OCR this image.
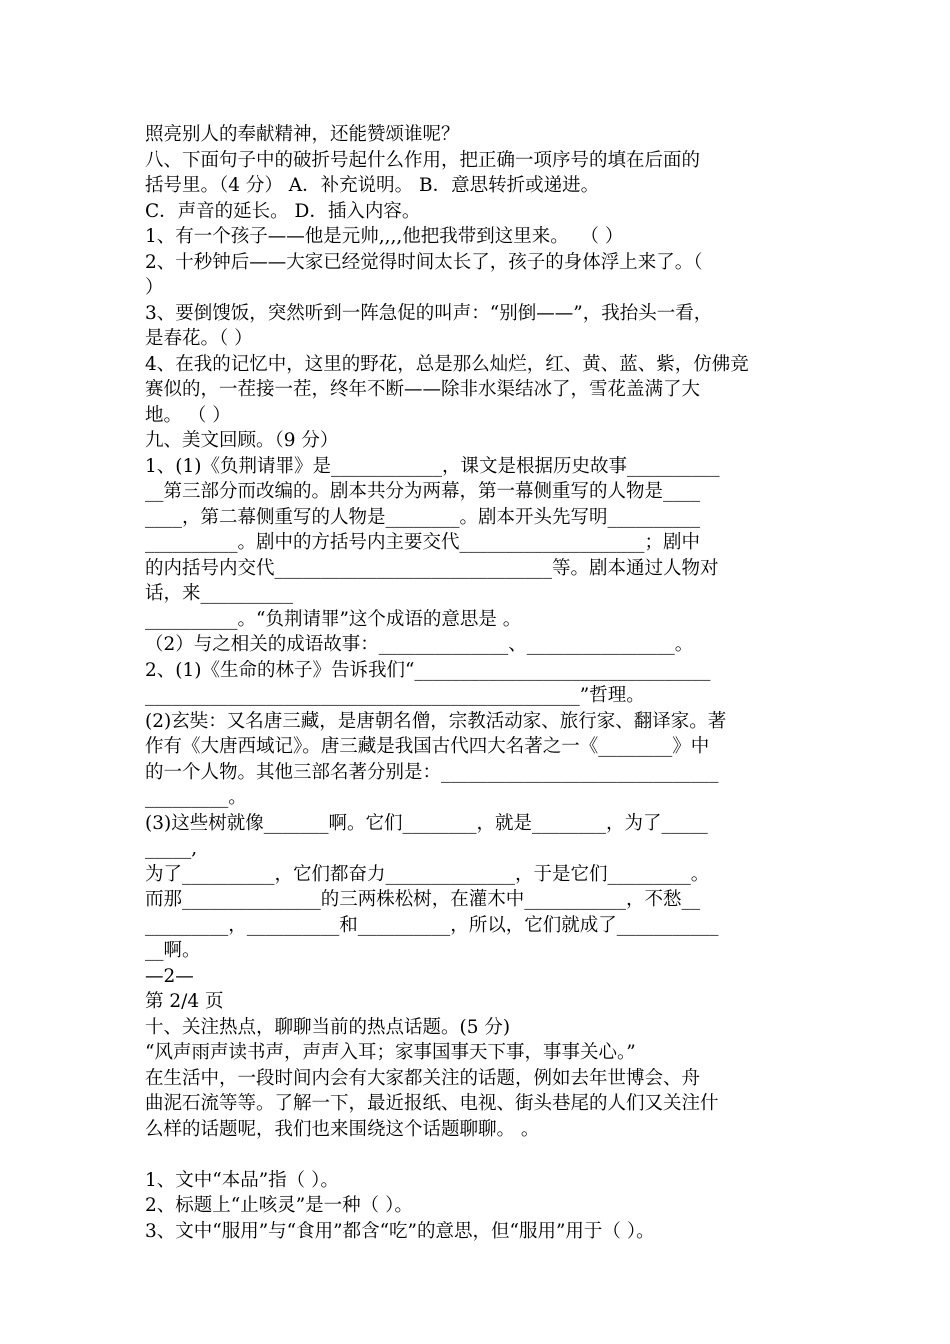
照亮别人的奉献精神，还能赞颂谁呢？
八、下面句子中的破折号起什么作用，把正确一项序号的填在后面的
括号里。（4 分） A．补充说明。 B．意思转折或递进。
C．声音的延长。 D．插入内容。
1、有一个孩子——他是元帅,,,,他把我带到这里来。  （ ）
2、十秒钟后——大家已经觉得时间太长了，孩子的身体浮上来了。（
）
3、要倒馊饭，突然听到一阵急促的叫声：“别倒——”，我抬头一看，
是春花。（ ）
4、在我的记忆中，这里的野花，总是那么灿烂，红、黄、蓝、紫，仿佛竞
赛似的，一茬接一茬，终年不断——除非水渠结冰了，雪花盖满了大
地。 （ ）
九、美文回顾。（9 分）
1、(1)《负荆请罪》是____________，课文是根据历史故事__________
__第三部分而改编的。剧本共分为两幕，第一幕侧重写的人物是____
____，第二幕侧重写的人物是________。剧本开头先写明__________
__________。剧中的方括号内主要交代____________________；剧中
的内括号内交代______________________________等。剧本通过人物对
话，来__________
__________。“负荆请罪”这个成语的意思是 。
（2）与之相关的成语故事：______________、________________。
2、(1)《生命的林子》告诉我们“________________________________
_______________________________________________”哲理。
(2)玄奘：又名唐三藏，是唐朝名僧，宗教活动家、旅行家、翻译家。著
作有《大唐西域记》。唐三藏是我国古代四大名著之一《________》中
的一个人物。其他三部名著分别是：______________________________
_________。
(3)这些树就像_______啊。它们________，就是________，为了_____
_____,
为了__________，它们都奋力______________，于是它们_________。
而那_______________的三两株松树，在灌木中___________，不愁__
_________，__________和__________，所以，它们就成了___________
__啊。
—2—
第 2/4 页
十、关注热点，聊聊当前的热点话题。(5 分)
“风声雨声读书声，声声入耳；家事国事天下事，事事关心。”
在生活中，一段时间内会有大家都关注的话题，例如去年世博会、舟
曲泥石流等等。了解一下，最近报纸、电视、街头巷尾的人们又关注什
么样的话题呢，我们也来围绕这个话题聊聊。 。
1、文中“本品”指（ ）。
2、标题上“止咳灵”是一种（ ）。
3、文中“服用”与“食用”都含“吃”的意思，但“服用”用于（ ）。
